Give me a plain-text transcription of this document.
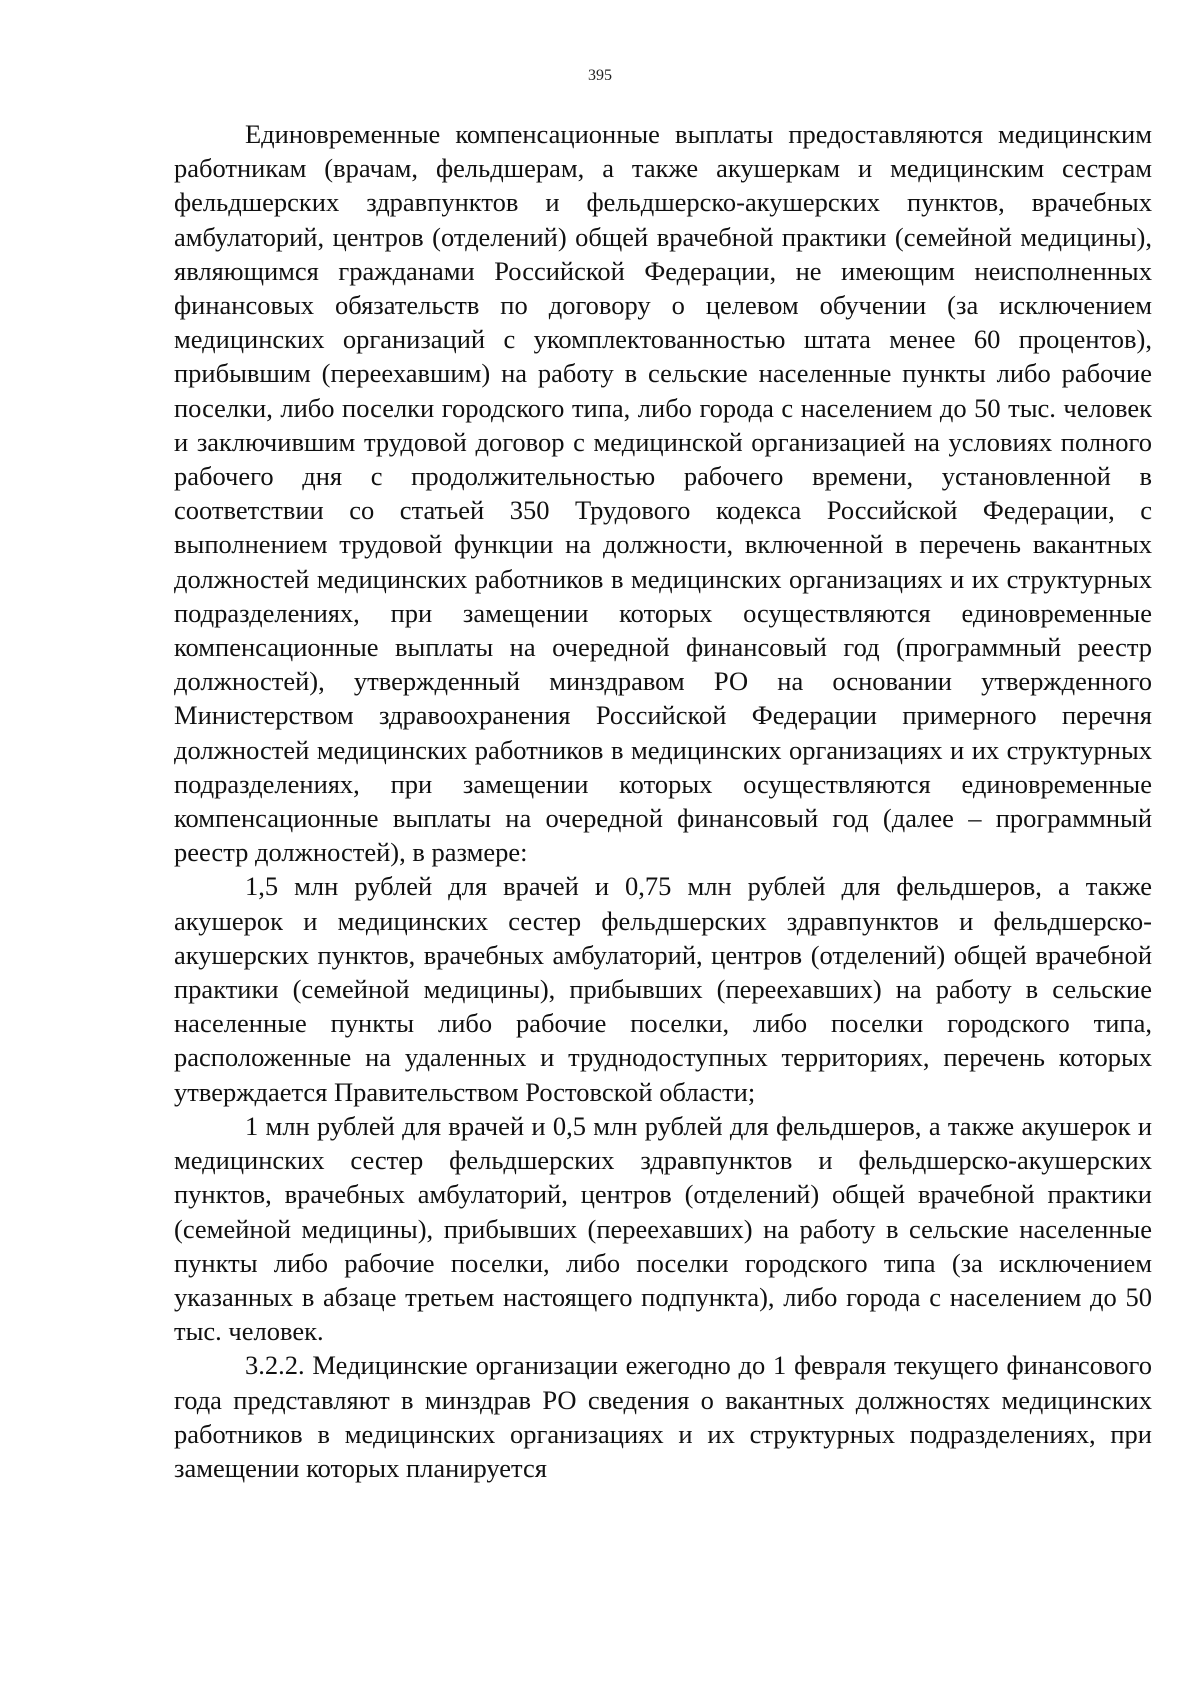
395

Единовременные компенсационные выплаты предоставляются медицинским работникам (врачам, фельдшерам, а также акушеркам и медицинским сестрам фельдшерских здравпунктов и фельдшерско-акушерских пунктов, врачебных амбулаторий, центров (отделений) общей врачебной практики (семейной медицины), являющимся гражданами Российской Федерации, не имеющим неисполненных финансовых обязательств по договору о целевом обучении (за исключением медицинских организаций с укомплектованностью штата менее 60 процентов), прибывшим (переехавшим) на работу в сельские населенные пункты либо рабочие поселки, либо поселки городского типа, либо города с населением до 50 тыс. человек и заключившим трудовой договор с медицинской организацией на условиях полного рабочего дня с продолжительностью рабочего времени, установленной в соответствии со статьей 350 Трудового кодекса Российской Федерации, с выполнением трудовой функции на должности, включенной в перечень вакантных должностей медицинских работников в медицинских организациях и их структурных подразделениях, при замещении которых осуществляются единовременные компенсационные выплаты на очередной финансовый год (программный реестр должностей), утвержденный минздравом РО на основании утвержденного Министерством здравоохранения Российской Федерации примерного перечня должностей медицинских работников в медицинских организациях и их структурных подразделениях, при замещении которых осуществляются единовременные компенсационные выплаты на очередной финансовый год (далее – программный реестр должностей), в размере:

1,5 млн рублей для врачей и 0,75 млн рублей для фельдшеров, а также акушерок и медицинских сестер фельдшерских здравпунктов и фельдшерско-акушерских пунктов, врачебных амбулаторий, центров (отделений) общей врачебной практики (семейной медицины), прибывших (переехавших) на работу в сельские населенные пункты либо рабочие поселки, либо поселки городского типа, расположенные на удаленных и труднодоступных территориях, перечень которых утверждается Правительством Ростовской области;

1 млн рублей для врачей и 0,5 млн рублей для фельдшеров, а также акушерок и медицинских сестер фельдшерских здравпунктов и фельдшерско-акушерских пунктов, врачебных амбулаторий, центров (отделений) общей врачебной практики (семейной медицины), прибывших (переехавших) на работу в сельские населенные пункты либо рабочие поселки, либо поселки городского типа (за исключением указанных в абзаце третьем настоящего подпункта), либо города с населением до 50 тыс. человек.

3.2.2. Медицинские организации ежегодно до 1 февраля текущего финансового года представляют в минздрав РО сведения о вакантных должностях медицинских работников в медицинских организациях и их структурных подразделениях, при замещении которых планируется
